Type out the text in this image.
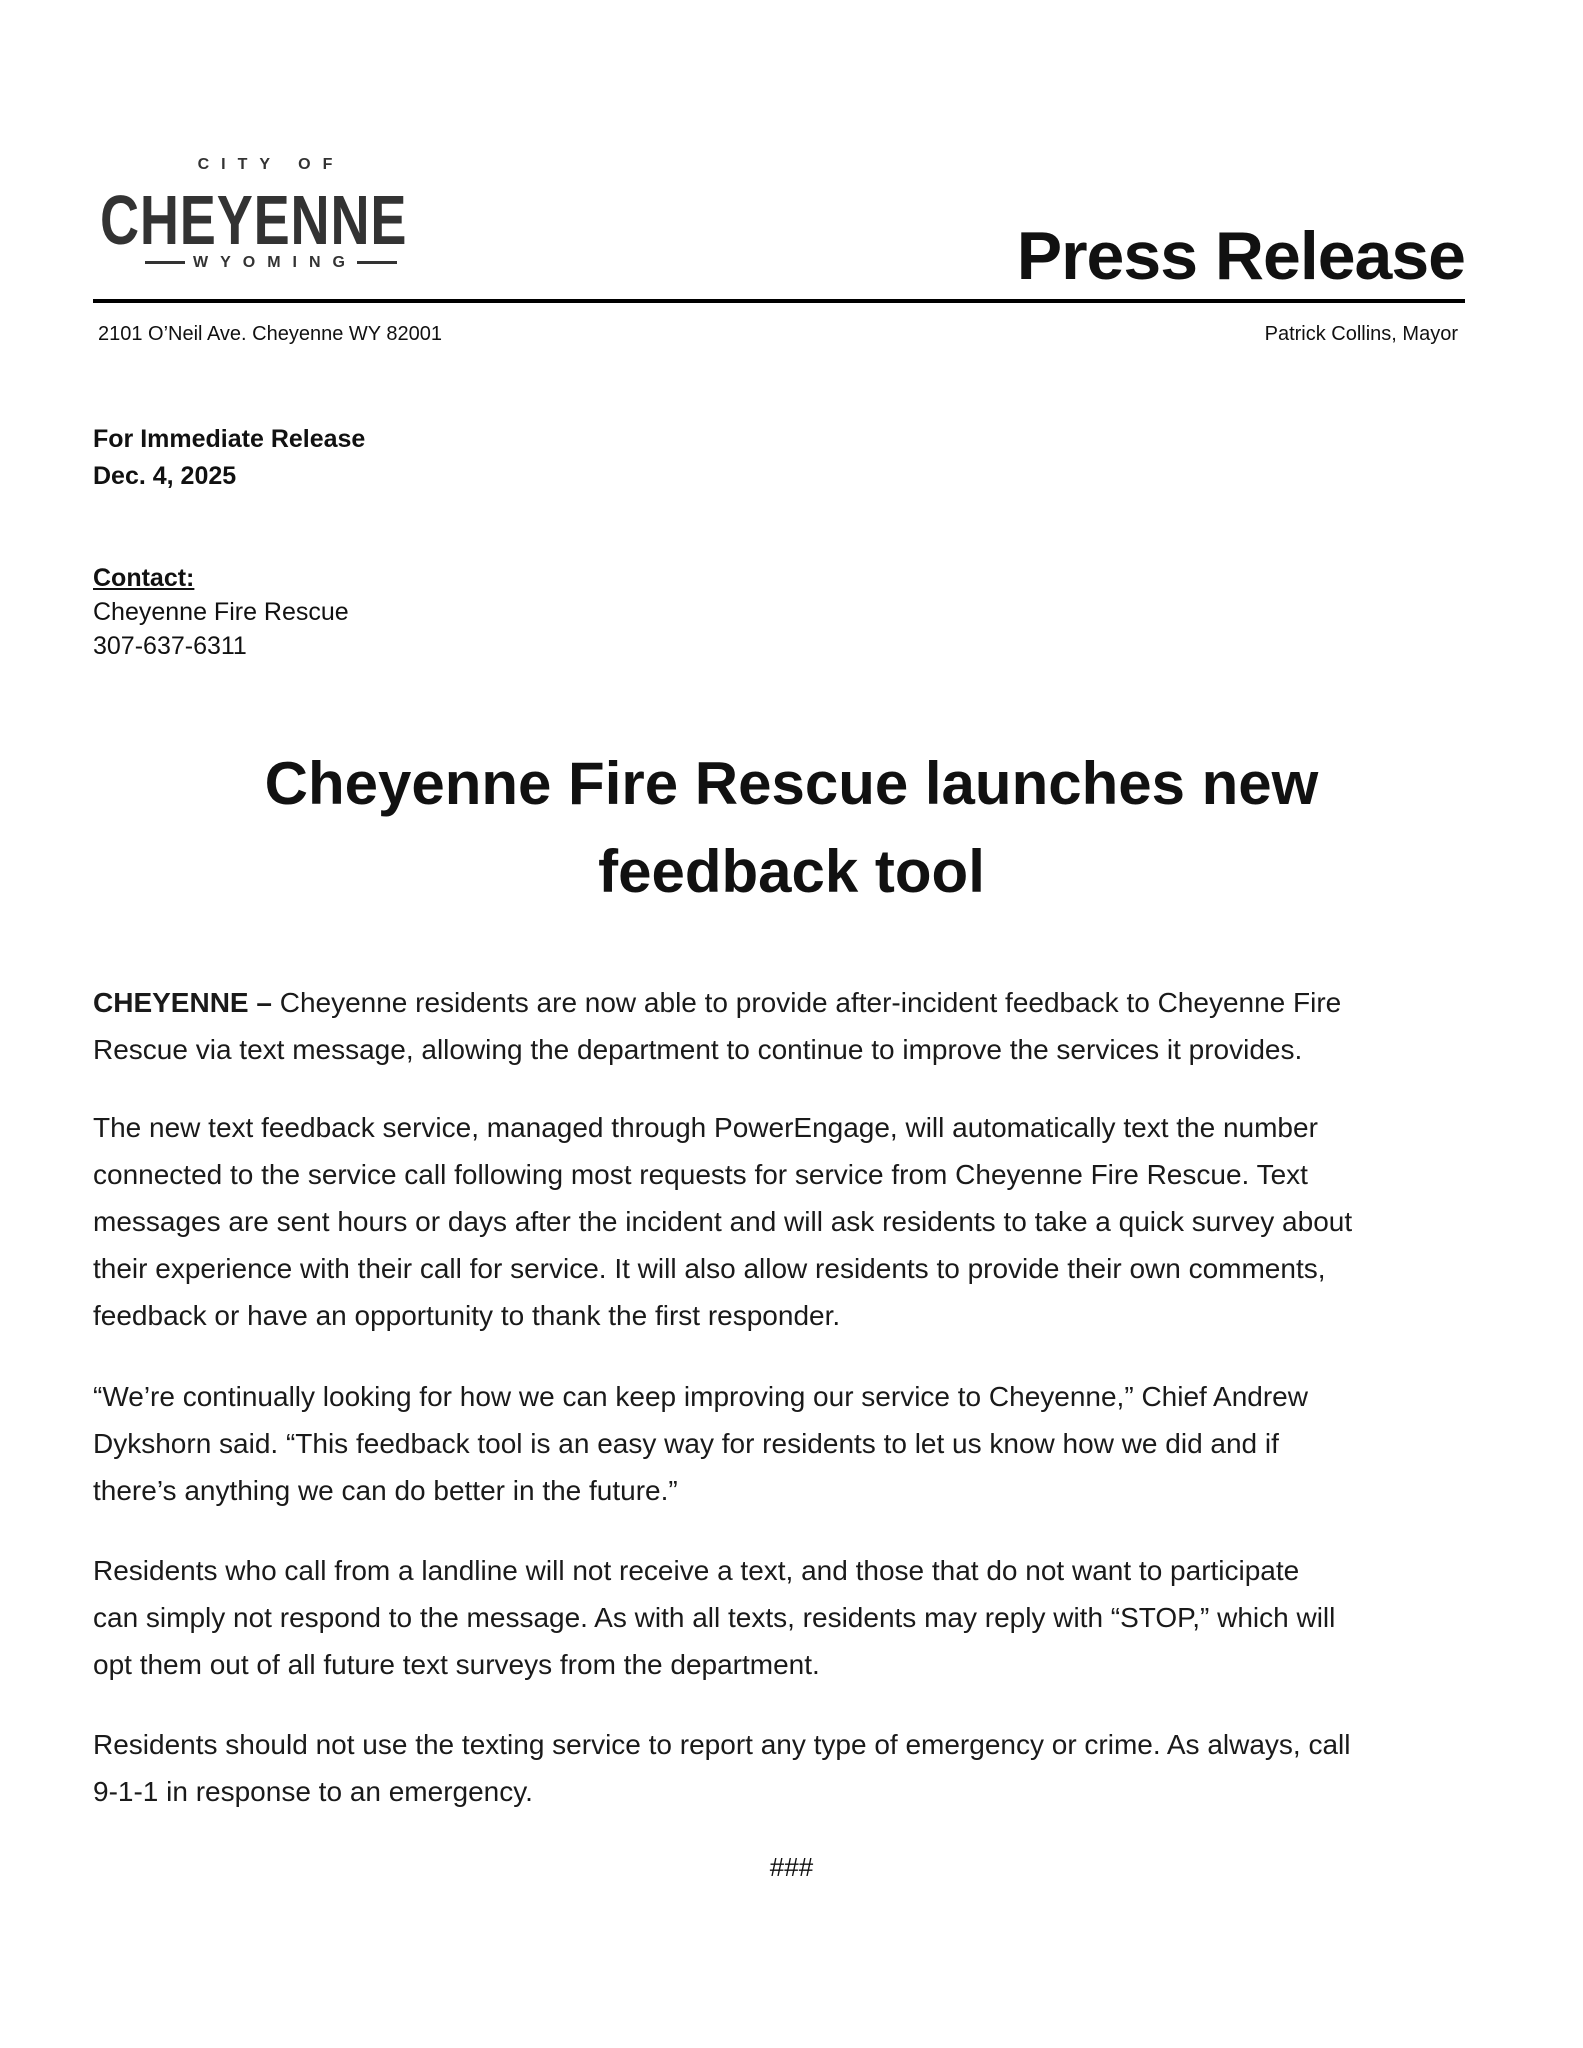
CITY OF
CHEYENNE
WYOMING	Press Release
2101 O’Neil Ave. Cheyenne WY 82001	Patrick Collins, Mayor
For Immediate Release
Dec. 4, 2025
Contact:
Cheyenne Fire Rescue
307-637-6311
Cheyenne Fire Rescue launches new
feedback tool
CHEYENNE – Cheyenne residents are now able to provide after-incident feedback to Cheyenne Fire
Rescue via text message, allowing the department to continue to improve the services it provides.
The new text feedback service, managed through PowerEngage, will automatically text the number
connected to the service call following most requests for service from Cheyenne Fire Rescue. Text
messages are sent hours or days after the incident and will ask residents to take a quick survey about
their experience with their call for service. It will also allow residents to provide their own comments,
feedback or have an opportunity to thank the first responder.
“We’re continually looking for how we can keep improving our service to Cheyenne,” Chief Andrew
Dykshorn said. “This feedback tool is an easy way for residents to let us know how we did and if
there’s anything we can do better in the future.”
Residents who call from a landline will not receive a text, and those that do not want to participate
can simply not respond to the message. As with all texts, residents may reply with “STOP,” which will
opt them out of all future text surveys from the department.
Residents should not use the texting service to report any type of emergency or crime. As always, call
9-1-1 in response to an emergency.
###
